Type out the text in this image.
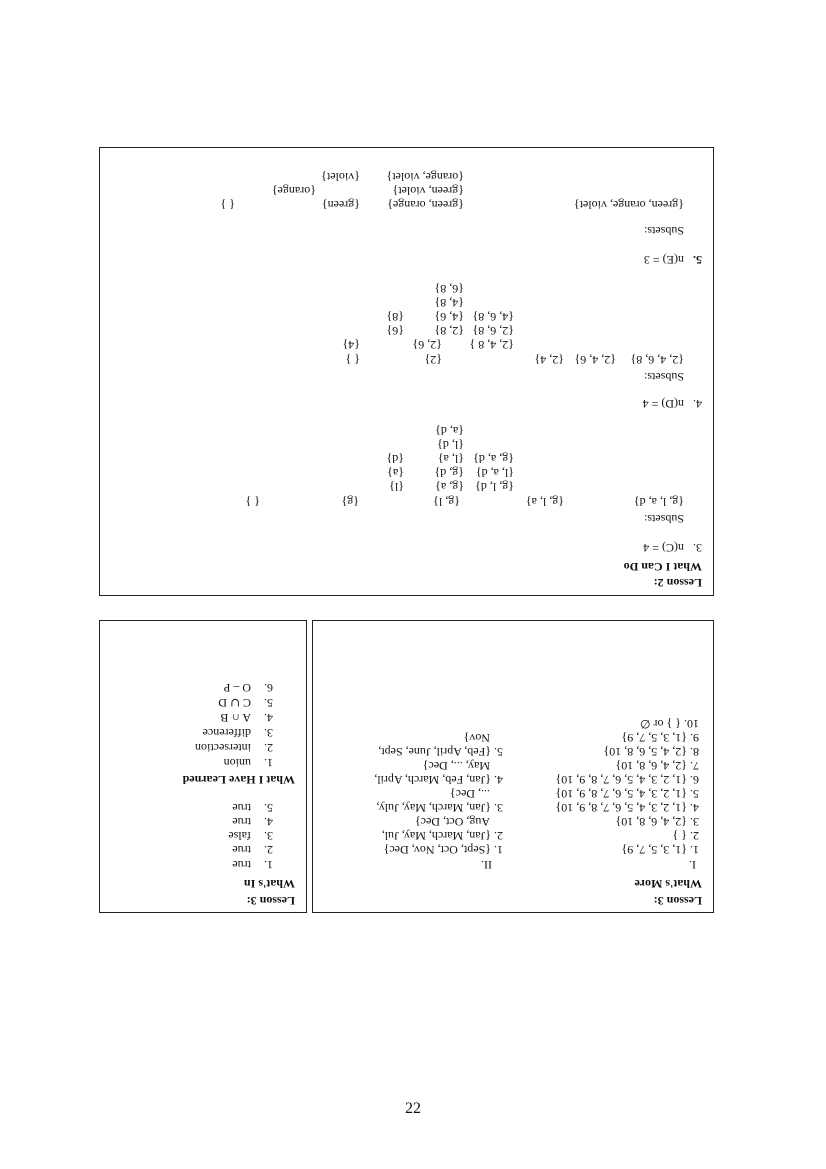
Lesson 2:
What I Can Do
3.
n(C) = 4
Subsets:
{g, l, a, d}
{g, l, a}
{g, l}
{g}
{ }
{g, l, d}
{g, a}
{l}
{l, a, d}
{g, d}
{a}
{g, a, d}
{l, a}
{d}
{l, d}
{a, d}
4.
n(D) = 4
Subsets:
{2, 4, 6, 8}
{2, 4, 6}
{2, 4}
{2}
{ }
{2, 4, 8 }
{2, 6}
{4}
{2, 6, 8}
{2, 8}
{6}
{4, 6, 8}
{4, 6}
{8}
{4, 8}
{6, 8}
5.
n(E) = 3
Subsets:
{green, orange, violet}
{green, orange}
{green}
{ }
{green, violet}
{orange}
{orange, violet}
{violet}
Lesson 3:
What's More
I.
II.
1. {1, 3, 5, 7, 9}
2. { }
3. {2, 4, 6, 8, 10}
4. {1, 2, 3, 4, 5, 6, 7, 8, 9, 10}
5. {1, 2, 3, 4, 5, 6, 7, 8, 9, 10}
6. {1, 2, 3, 4, 5, 6, 7, 8, 9, 10}
7. {2, 4, 6, 8, 10}
8. {2, 4, 5, 6, 8, 10}
9. {1, 3, 5, 7, 9}
10. { } or ∅
1. {Sept, Oct, Nov, Dec}
2. {Jan, March, May, Jul,
Aug, Oct, Dec}
3. {Jan, March, May, July,
..., Dec}
4. {Jan, Feb, March, April,
May, ..., Dec}
5. {Feb, April, June, Sept,
Nov}
Lesson 3:
What's In
1.
true
2.
true
3.
false
4.
true
5.
true
What I Have Learned
1.
union
2.
intersection
3.
difference
4.
A ∩ B
5.
C ∪ D
6.
O – P
22
